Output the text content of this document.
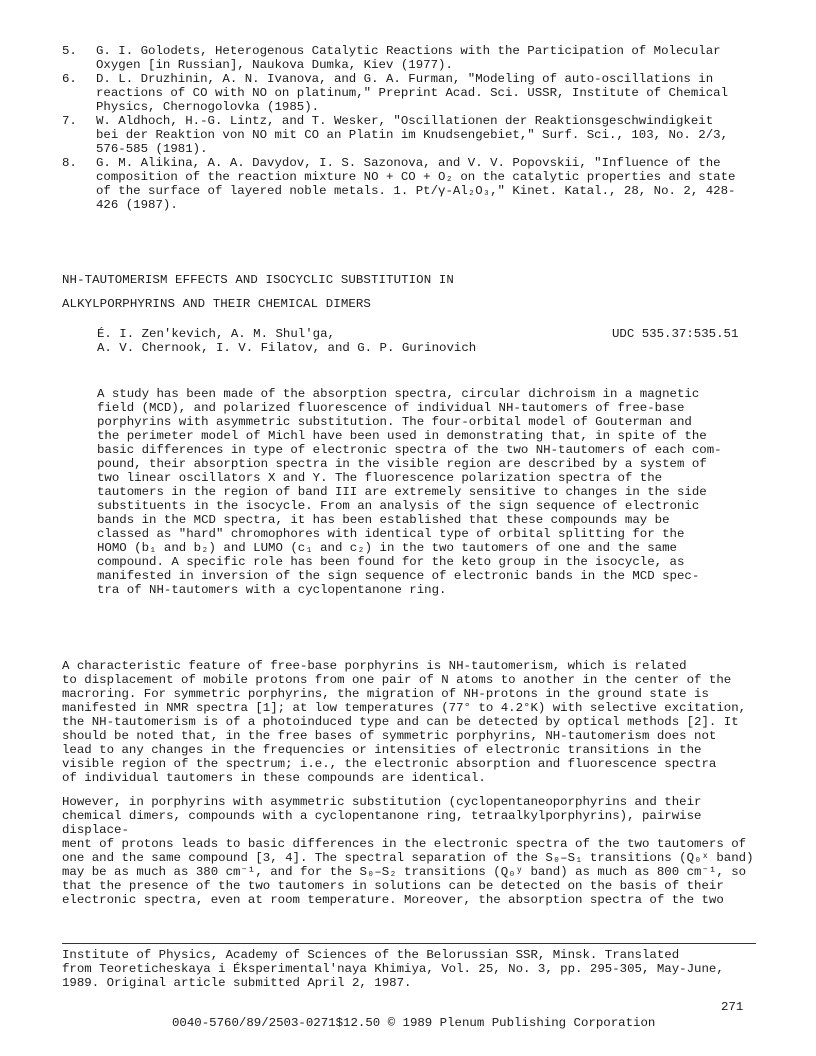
5.	G. I. Golodets, Heterogenous Catalytic Reactions with the Participation of Molecular
Oxygen [in Russian], Naukova Dumka, Kiev (1977).
6.	D. L. Druzhinin, A. N. Ivanova, and G. A. Furman, "Modeling of auto-oscillations in
reactions of CO with NO on platinum," Preprint Acad. Sci. USSR, Institute of Chemical
Physics, Chernogolovka (1985).
7.	W. Aldhoch, H.-G. Lintz, and T. Wesker, "Oscillationen der Reaktionsgeschwindigkeit
bei der Reaktion von NO mit CO an Platin im Knudsengebiet," Surf. Sci., 103, No. 2/3,
576-585 (1981).
8.	G. M. Alikina, A. A. Davydov, I. S. Sazonova, and V. V. Popovskii, "Influence of the
composition of the reaction mixture NO + CO + O₂ on the catalytic properties and state
of the surface of layered noble metals. 1. Pt/γ-Al₂O₃," Kinet. Katal., 28, No. 2, 428-
426 (1987).
NH-TAUTOMERISM EFFECTS AND ISOCYCLIC SUBSTITUTION IN
ALKYLPORPHYRINS AND THEIR CHEMICAL DIMERS
É. I. Zen'kevich, A. M. Shul'ga,
A. V. Chernook, I. V. Filatov, and G. P. Gurinovich
UDC 535.37:535.51
A study has been made of the absorption spectra, circular dichroism in a magnetic
field (MCD), and polarized fluorescence of individual NH-tautomers of free-base
porphyrins with asymmetric substitution. The four-orbital model of Gouterman and
the perimeter model of Michl have been used in demonstrating that, in spite of the
basic differences in type of electronic spectra of the two NH-tautomers of each com-
pound, their absorption spectra in the visible region are described by a system of
two linear oscillators X and Y. The fluorescence polarization spectra of the
tautomers in the region of band III are extremely sensitive to changes in the side
substituents in the isocycle. From an analysis of the sign sequence of electronic
bands in the MCD spectra, it has been established that these compounds may be
classed as "hard" chromophores with identical type of orbital splitting for the
HOMO (b₁ and b₂) and LUMO (c₁ and c₂) in the two tautomers of one and the same
compound. A specific role has been found for the keto group in the isocycle, as
manifested in inversion of the sign sequence of electronic bands in the MCD spec-
tra of NH-tautomers with a cyclopentanone ring.
A characteristic feature of free-base porphyrins is NH-tautomerism, which is related
to displacement of mobile protons from one pair of N atoms to another in the center of the
macroring. For symmetric porphyrins, the migration of NH-protons in the ground state is
manifested in NMR spectra [1]; at low temperatures (77° to 4.2°K) with selective excitation,
the NH-tautomerism is of a photoinduced type and can be detected by optical methods [2]. It
should be noted that, in the free bases of symmetric porphyrins, NH-tautomerism does not
lead to any changes in the frequencies or intensities of electronic transitions in the
visible region of the spectrum; i.e., the electronic absorption and fluorescence spectra
of individual tautomers in these compounds are identical.
However, in porphyrins with asymmetric substitution (cyclopentaneoporphyrins and their
chemical dimers, compounds with a cyclopentanone ring, tetraalkylporphyrins), pairwise displace-
ment of protons leads to basic differences in the electronic spectra of the two tautomers of
one and the same compound [3, 4]. The spectral separation of the S₀–S₁ transitions (Q₀ˣ band)
may be as much as 380 cm⁻¹, and for the S₀–S₂ transitions (Q₀ʸ band) as much as 800 cm⁻¹, so
that the presence of the two tautomers in solutions can be detected on the basis of their
electronic spectra, even at room temperature. Moreover, the absorption spectra of the two
Institute of Physics, Academy of Sciences of the Belorussian SSR, Minsk. Translated
from Teoreticheskaya i Éksperimental'naya Khimiya, Vol. 25, No. 3, pp. 295-305, May-June,
1989. Original article submitted April 2, 1987.
271
0040-5760/89/2503-0271$12.50 © 1989 Plenum Publishing Corporation
